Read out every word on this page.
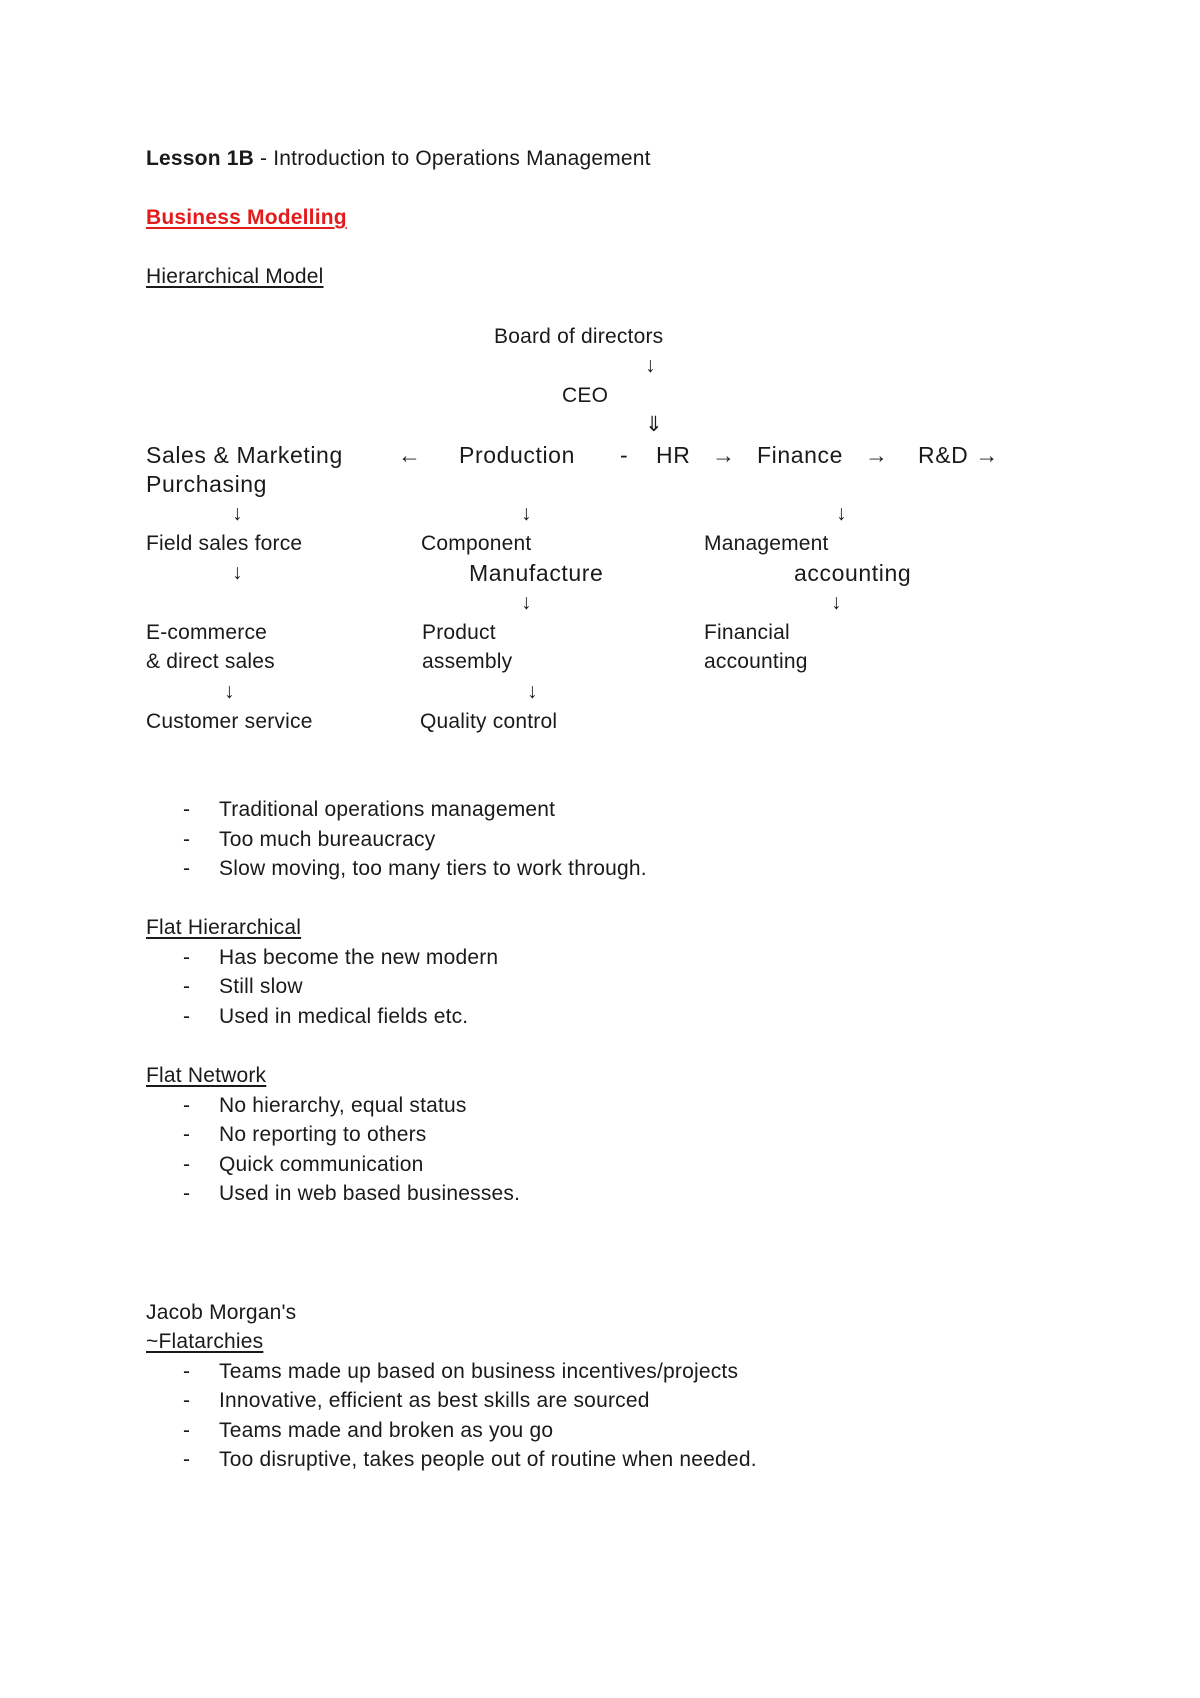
Lesson 1B - Introduction to Operations Management
Business Modelling
Hierarchical Model
Board of directors
↓
CEO
⇓
Sales & Marketing ← Production - HR → Finance → R&D →
Purchasing
↓	↓	↓
Field sales force	Component	Management
↓	Manufacture	accounting
↓	↓
E-commerce	Product	Financial
& direct sales	assembly	accounting
↓	↓
Customer service	Quality control
- Traditional operations management
- Too much bureaucracy
- Slow moving, too many tiers to work through.
Flat Hierarchical
- Has become the new modern
- Still slow
- Used in medical fields etc.
Flat Network
- No hierarchy, equal status
- No reporting to others
- Quick communication
- Used in web based businesses.
Jacob Morgan's
~Flatarchies
- Teams made up based on business incentives/projects
- Innovative, efficient as best skills are sourced
- Teams made and broken as you go
- Too disruptive, takes people out of routine when needed.
